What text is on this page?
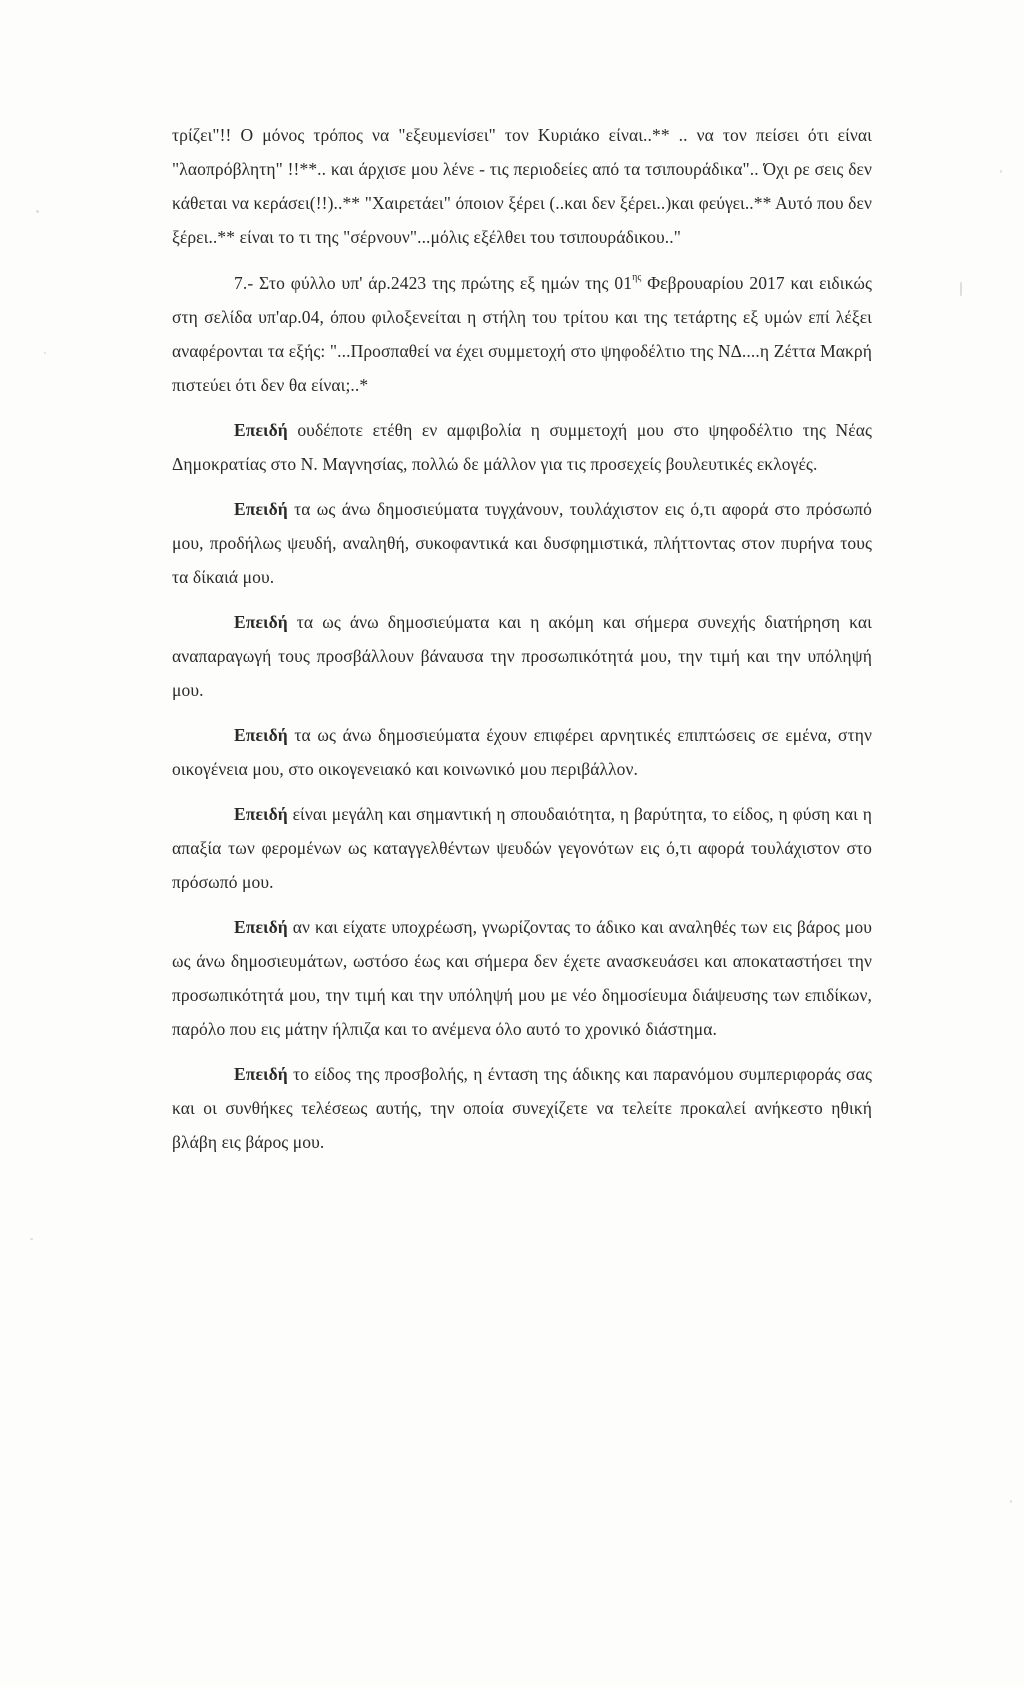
τρίζει"!! Ο μόνος τρόπος να "εξευμενίσει" τον Κυριάκο είναι..** .. να τον πείσει ότι είναι "λαοπρόβλητη" !!**.. και άρχισε μου λένε - τις περιοδείες από τα τσιπουράδικα".. Όχι ρε σεις δεν κάθεται να κεράσει(!!)..** "Χαιρετάει" όποιον ξέρει (..και δεν ξέρει..)και φεύγει..** Αυτό που δεν ξέρει..** είναι το τι της "σέρνουν"...μόλις εξέλθει του τσιπουράδικου.."

7.- Στο φύλλο υπ' άρ.2423 της πρώτης εξ ημών της $01^{\eta\varsigma}$ Φεβρουαρίου 2017 και ειδικώς στη σελίδα υπ'αρ.04, όπου φιλοξενείται η στήλη του τρίτου και της τετάρτης εξ υμών επί λέξει αναφέρονται τα εξής: "...Προσπαθεί να έχει συμμετοχή στο ψηφοδέλτιο της ΝΔ....η Ζέττα Μακρή πιστεύει ότι δεν θα είναι;..*

Επειδή ουδέποτε ετέθη εν αμφιβολία η συμμετοχή μου στο ψηφοδέλτιο της Νέας Δημοκρατίας στο Ν. Μαγνησίας, πολλώ δε μάλλον για τις προσεχείς βουλευτικές εκλογές.

Επειδή τα ως άνω δημοσιεύματα τυγχάνουν, τουλάχιστον εις ό,τι αφορά στο πρόσωπό μου, προδήλως ψευδή, αναληθή, συκοφαντικά και δυσφημιστικά, πλήττοντας στον πυρήνα τους τα δίκαιά μου.

Επειδή τα ως άνω δημοσιεύματα και η ακόμη και σήμερα συνεχής διατήρηση και αναπαραγωγή τους προσβάλλουν βάναυσα την προσωπικότητά μου, την τιμή και την υπόληψή μου.

Επειδή τα ως άνω δημοσιεύματα έχουν επιφέρει αρνητικές επιπτώσεις σε εμένα, στην οικογένεια μου, στο οικογενειακό και κοινωνικό μου περιβάλλον.

Επειδή είναι μεγάλη και σημαντική η σπουδαιότητα, η βαρύτητα, το είδος, η φύση και η απαξία των φερομένων ως καταγγελθέντων ψευδών γεγονότων εις ό,τι αφορά τουλάχιστον στο πρόσωπό μου.

Επειδή αν και είχατε υποχρέωση, γνωρίζοντας το άδικο και αναληθές των εις βάρος μου ως άνω δημοσιευμάτων, ωστόσο έως και σήμερα δεν έχετε ανασκευάσει και αποκαταστήσει την προσωπικότητά μου, την τιμή και την υπόληψή μου με νέο δημοσίευμα διάψευσης των επιδίκων, παρόλο που εις μάτην ήλπιζα και το ανέμενα όλο αυτό το χρονικό διάστημα.

Επειδή το είδος της προσβολής, η ένταση της άδικης και παρανόμου συμπεριφοράς σας και οι συνθήκες τελέσεως αυτής, την οποία συνεχίζετε να τελείτε προκαλεί ανήκεστο ηθική βλάβη εις βάρος μου.
